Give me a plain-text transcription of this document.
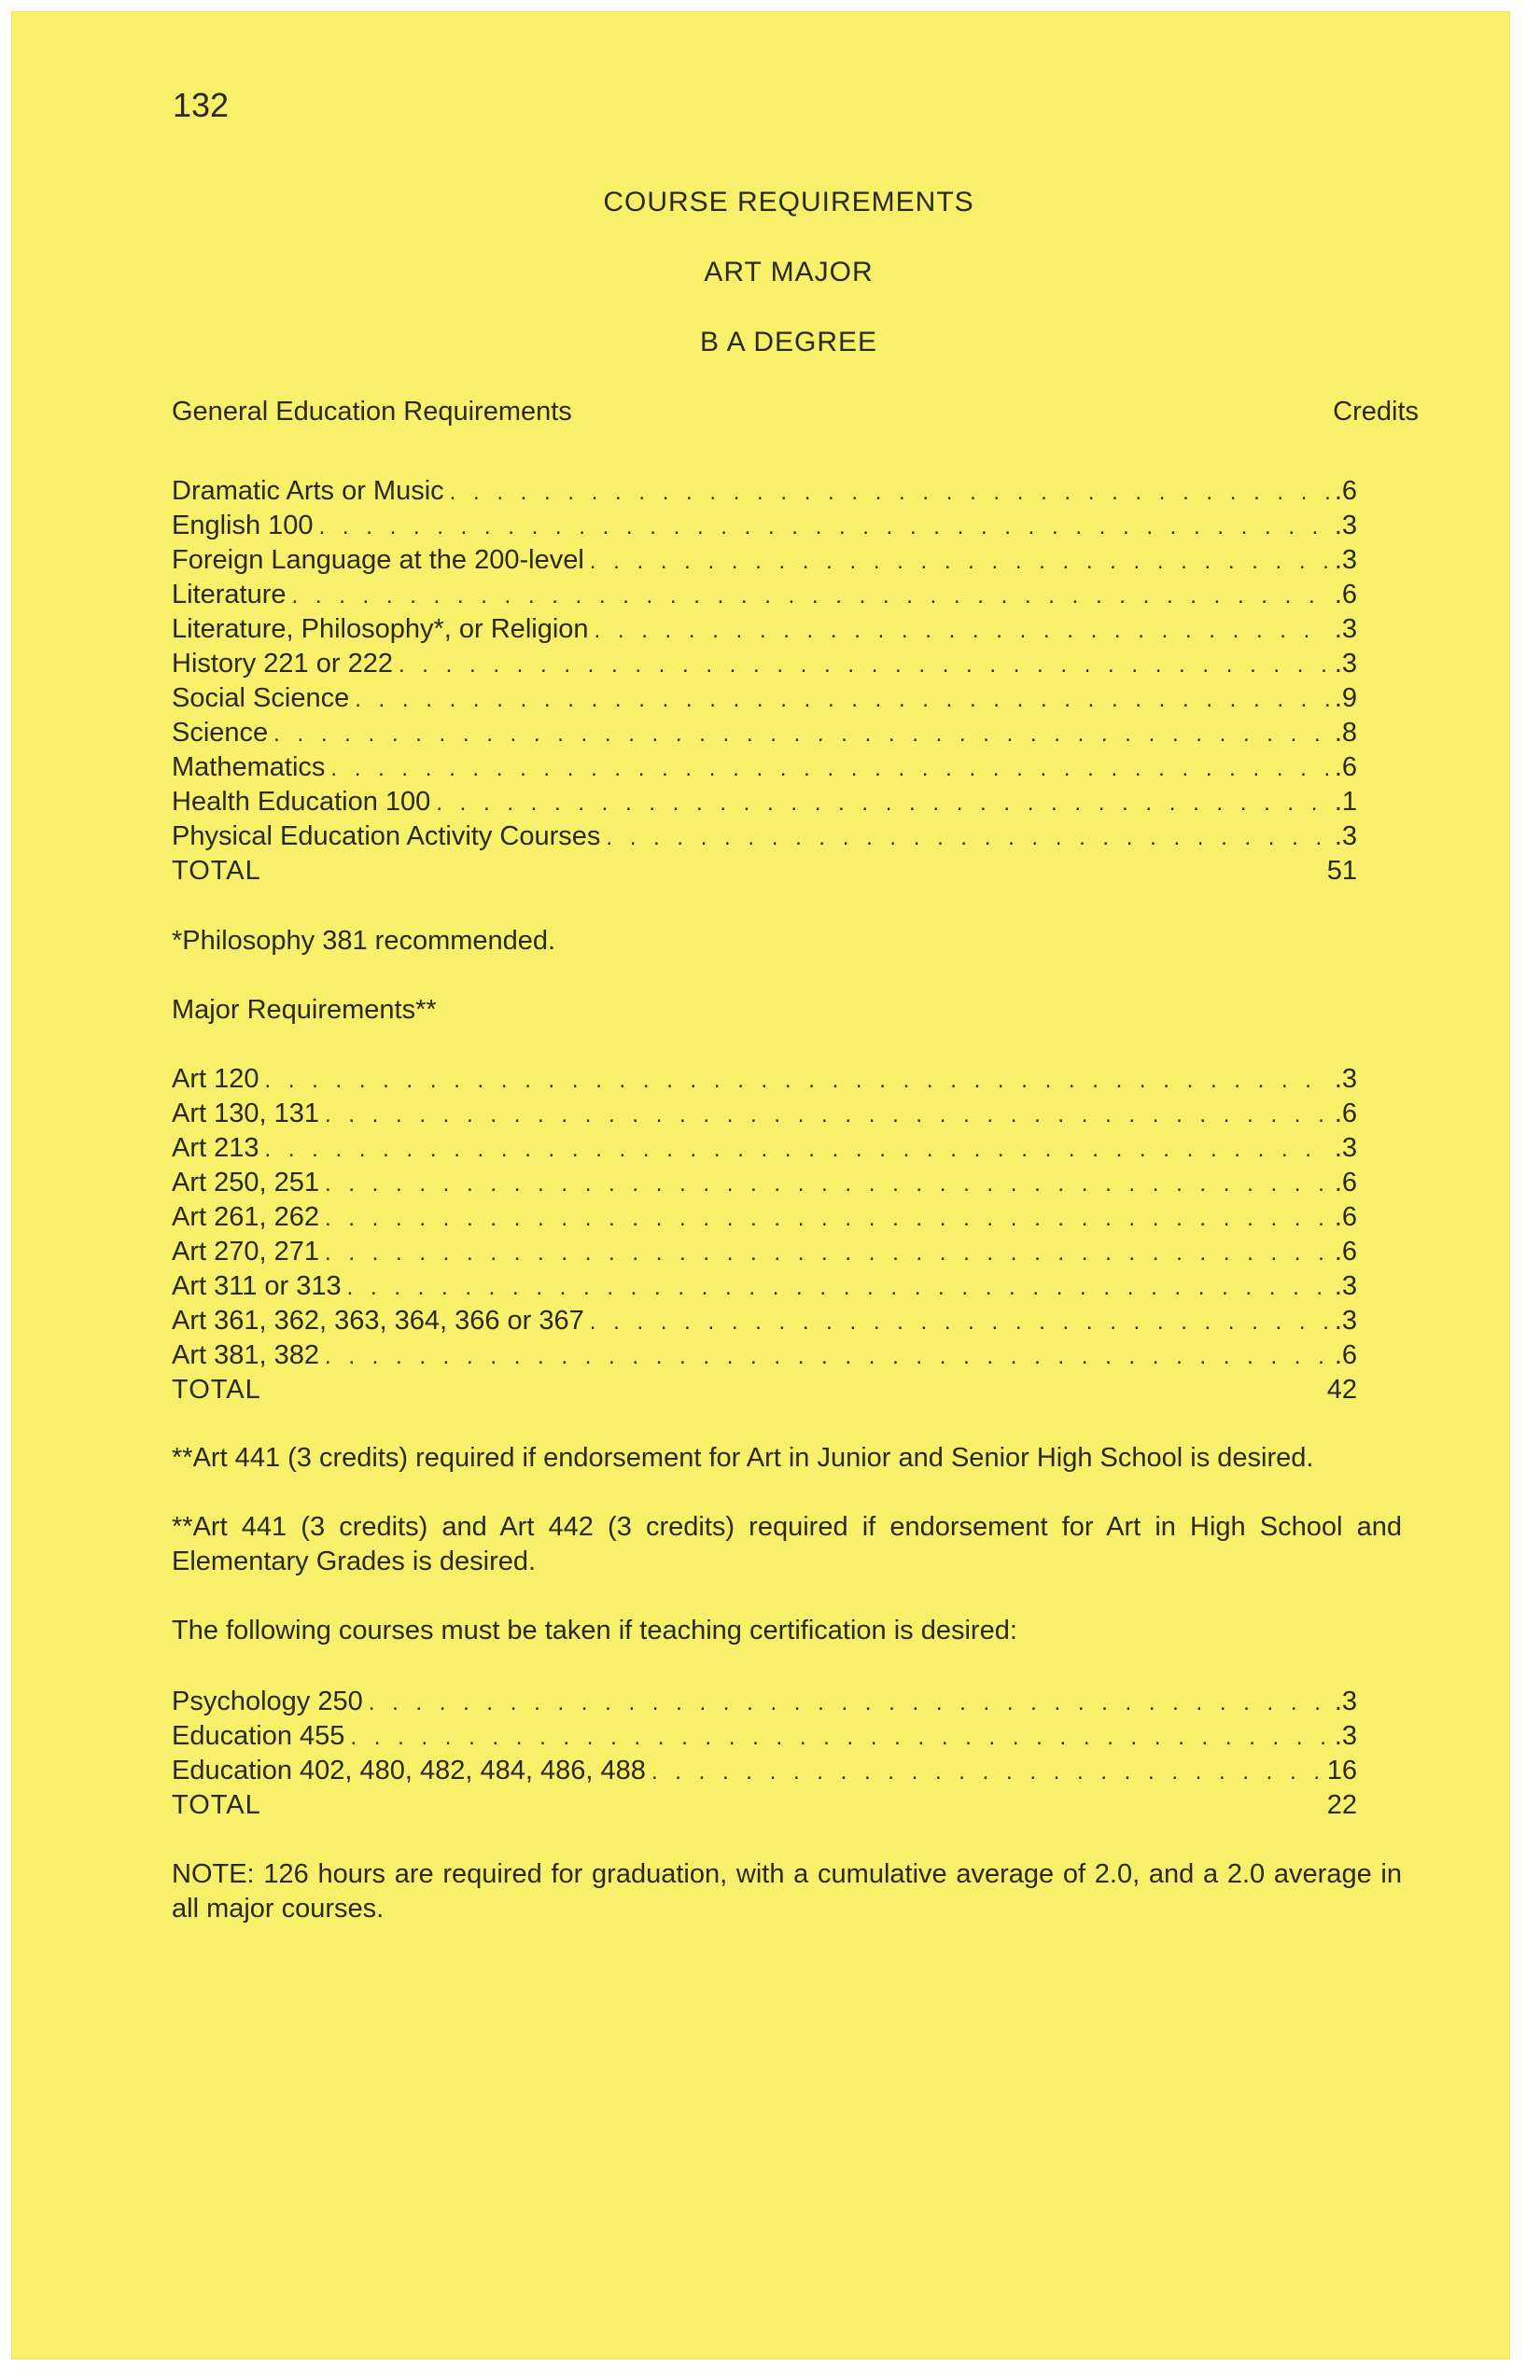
132
COURSE REQUIREMENTS
ART MAJOR
B A DEGREE
General Education Requirements	Credits
Dramatic Arts or Music . . .	.6
English 100 . . .	.3
Foreign Language at the 200-level . . .	.3
Literature . . .	.6
Literature, Philosophy*, or Religion . . .	.3
History 221 or 222 . . .	.3
Social Science . . .	.9
Science . . .	.8
Mathematics . . .	.6
Health Education 100 . . .	.1
Physical Education Activity Courses . . .	.3
TOTAL	51
*Philosophy 381 recommended.
Major Requirements**
Art 120 . . .	.3
Art 130, 131 . . .	.6
Art 213 . . .	.3
Art 250, 251 . . .	.6
Art 261, 262 . . .	.6
Art 270, 271 . . .	.6
Art 311 or 313 . . .	.3
Art 361, 362, 363, 364, 366 or 367 . . .	.3
Art 381, 382 . . .	.6
TOTAL	42
**Art 441 (3 credits) required if endorsement for Art in Junior and Senior High School is desired.
**Art 441 (3 credits) and Art 442 (3 credits) required if endorsement for Art in High School and Elementary Grades is desired.
The following courses must be taken if teaching certification is desired:
Psychology 250 . . .	.3
Education 455 . . .	.3
Education 402, 480, 482, 484, 486, 488 . . .	16
TOTAL	22
NOTE: 126 hours are required for graduation, with a cumulative average of 2.0, and a 2.0 average in all major courses.
